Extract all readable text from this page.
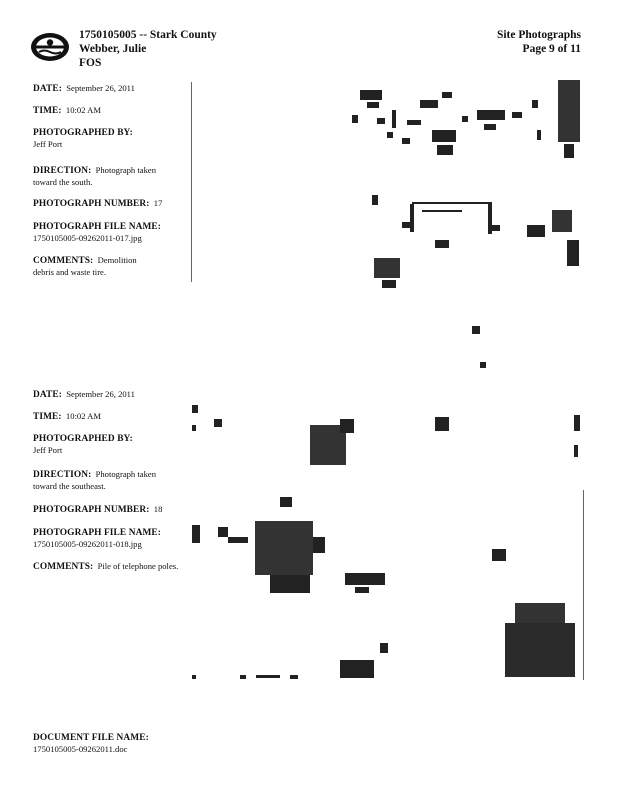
1750105005 -- Stark County
Webber, Julie
FOS
Site Photographs
Page 9 of 11
DATE: September 26, 2011
TIME: 10:02 AM
PHOTOGRAPHED BY:
Jeff Port
DIRECTION: Photograph taken toward the south.
PHOTOGRAPH NUMBER: 17
PHOTOGRAPH FILE NAME:
1750105005-09262011-017.jpg
COMMENTS: Demolition debris and waste tire.
DATE: September 26, 2011
TIME: 10:02 AM
PHOTOGRAPHED BY:
Jeff Port
DIRECTION: Photograph taken toward the southeast.
PHOTOGRAPH NUMBER: 18
PHOTOGRAPH FILE NAME:
1750105005-09262011-018.jpg
COMMENTS: Pile of telephone poles.
DOCUMENT FILE NAME:
1750105005-09262011.doc
